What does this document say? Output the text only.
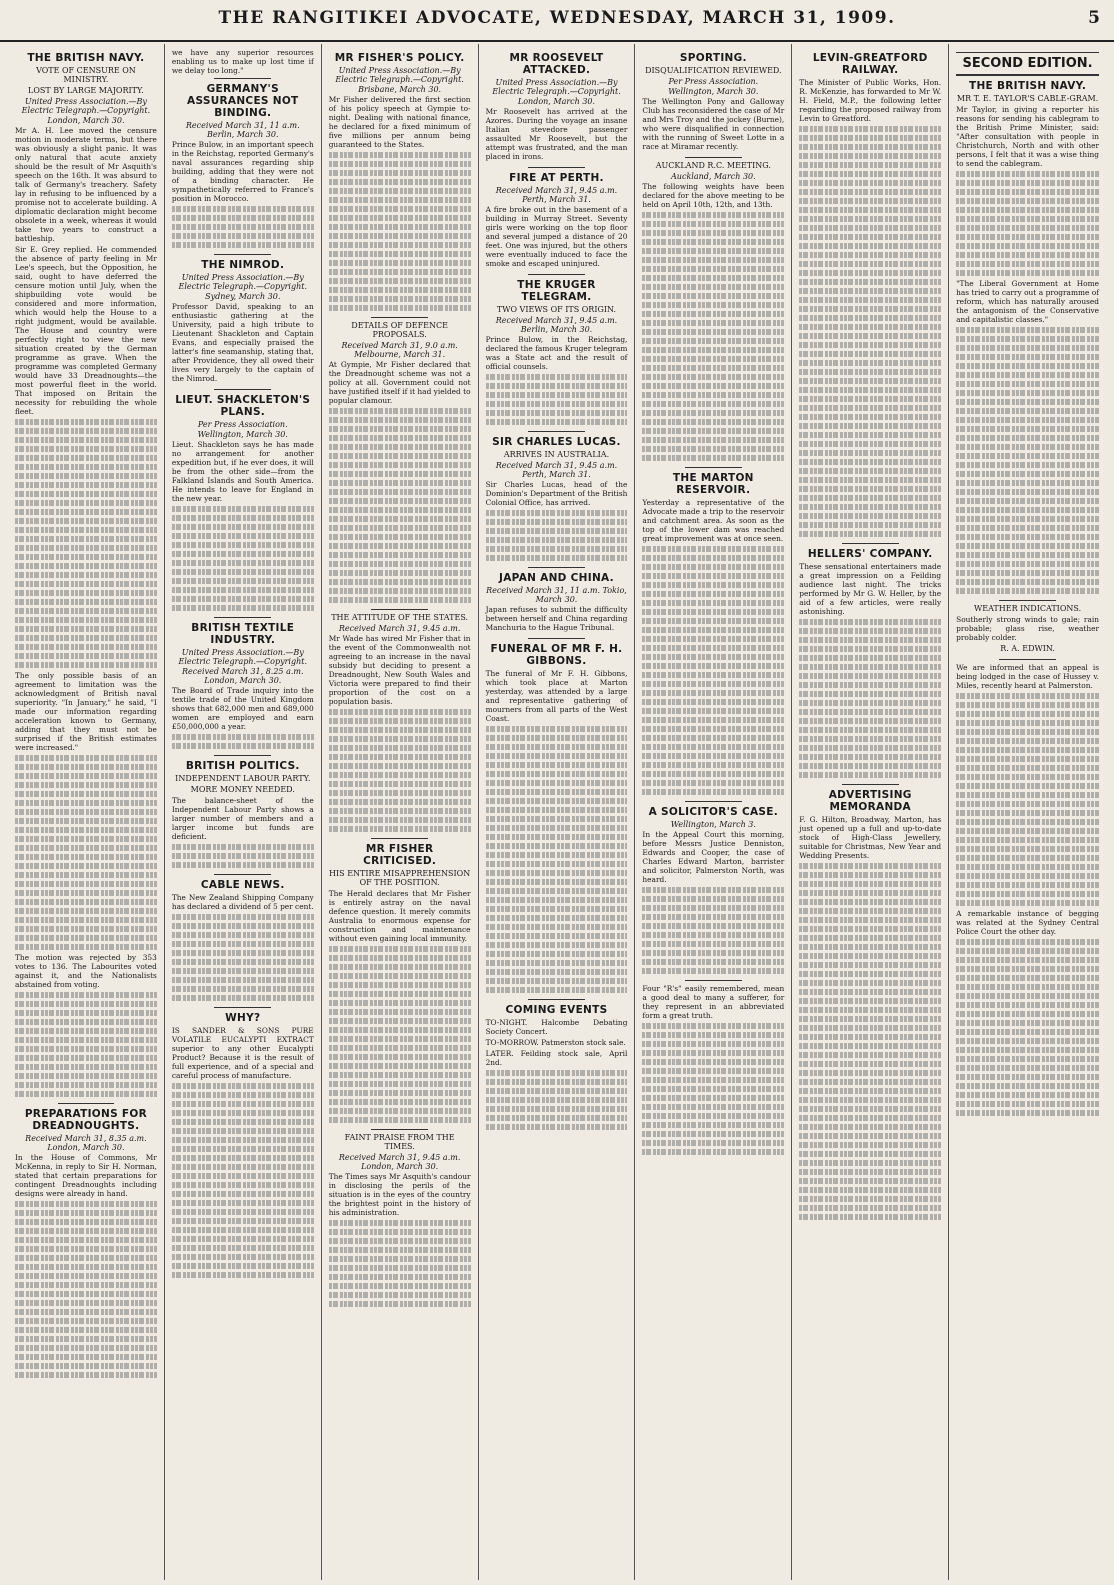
THE RANGITIKEI ADVOCATE, WEDNESDAY, MARCH 31, 1909.	5
THE BRITISH NAVY.
VOTE OF CENSURE ON MINISTRY.
LOST BY LARGE MAJORITY.
United Press Association.—By Electric Telegraph.—Copyright.
London, March 30.

Mr A. H. Lee moved the censure motion in moderate terms, but there was obviously a slight panic. It was only natural that acute anxiety should be the result of Mr Asquith's speech on the 16th. It was absurd to talk of Germany's treachery. Safety lay in refusing to be influenced by a promise not to accelerate building. A diplomatic declaration might become obsolete in a week, whereas it would take two years to construct a battleship.

Sir E. Grey replied. He commended the absence of party feeling in Mr Lee's speech, but the Opposition, he said, ought to have deferred the censure motion until July, when the shipbuilding vote would be considered and more information, which would help the House to a right judgment, would be available. The House and country were perfectly right to view the new situation created by the German programme as grave. When the programme was completed Germany would have 33 Dreadnoughts—the most powerful fleet in the world. That imposed on Britain the necessity for rebuilding the whole fleet.

The only possible basis of an agreement to limitation was the acknowledgment of British naval superiority. "In January," he said, "I made our information regarding acceleration known to Germany, adding that they must not be surprised if the British estimates were increased."

The motion was rejected by 353 votes to 136. The Labourites voted against it, and the Nationalists abstained from voting.

PREPARATIONS FOR DREADNOUGHTS.
Received March 31, 8.35 a.m. London, March 30.

In the House of Commons, Mr McKenna, in reply to Sir H. Norman, stated that certain preparations for contingent Dreadnoughts including designs were already in hand.

we have any superior resources enabling us to make up lost time if we delay too long."

GERMANY'S ASSURANCES NOT BINDING.
Received March 31, 11 a.m. Berlin, March 30.

Prince Bulow, in an important speech in the Reichstag, reported Germany's naval assurances regarding ship building, adding that they were not of a binding character. He sympathetically referred to France's position in Morocco.

THE NIMROD.
United Press Association.—By Electric Telegraph.—Copyright.
Sydney, March 30.

Professor David, speaking to an enthusiastic gathering at the University, paid a high tribute to Lieutenant Shackleton and Captain Evans, and especially praised the latter's fine seamanship, stating that, after Providence, they all owed their lives very largely to the captain of the Nimrod.

LIEUT. SHACKLETON'S PLANS.
Per Press Association.
Wellington, March 30.

Lieut. Shackleton says he has made no arrangement for another expedition but, if he ever does, it will be from the other side—from the Falkland Islands and South America. He intends to leave for England in the new year.

BRITISH TEXTILE INDUSTRY.
United Press Association.—By Electric Telegraph.—Copyright.
Received March 31, 8.25 a.m. London, March 30.

The Board of Trade inquiry into the textile trade of the United Kingdom shows that 682,000 men and 689,000 women are employed and earn £50,000,000 a year.

BRITISH POLITICS.
INDEPENDENT LABOUR PARTY.
MORE MONEY NEEDED.

The balance-sheet of the Independent Labour Party shows a larger number of members and a larger income but funds are deficient.

CABLE NEWS.

The New Zealand Shipping Company has declared a dividend of 5 per cent.

WHY?

IS SANDER & SONS PURE VOLATILE EUCALYPTI EXTRACT superior to any other Eucalypti Product? Because it is the result of full experience, and of a special and careful process of manufacture.

MR FISHER'S POLICY.
United Press Association.—By Electric Telegraph.—Copyright.
Brisbane, March 30.

Mr Fisher delivered the first section of his policy speech at Gympie to-night. Dealing with national finance, he declared for a fixed minimum of five millions per annum being guaranteed to the States.

DETAILS OF DEFENCE PROPOSALS.
Received March 31, 9.0 a.m. Melbourne, March 31.

At Gympie, Mr Fisher declared that the Dreadnought scheme was not a policy at all. Government could not have justified itself if it had yielded to popular clamour.

THE ATTITUDE OF THE STATES.
Received March 31, 9.45 a.m.

Mr Wade has wired Mr Fisher that in the event of the Commonwealth not agreeing to an increase in the naval subsidy but deciding to present a Dreadnought, New South Wales and Victoria were prepared to find their proportion of the cost on a population basis.

MR FISHER CRITICISED.
HIS ENTIRE MISAPPREHENSION OF THE POSITION.

The Herald declares that Mr Fisher is entirely astray on the naval defence question. It merely commits Australia to enormous expense for construction and maintenance without even gaining local immunity.

FAINT PRAISE FROM THE TIMES.
Received March 31, 9.45 a.m. London, March 30.

The Times says Mr Asquith's candour in disclosing the perils of the situation is in the eyes of the country the brightest point in the history of his administration.

MR ROOSEVELT ATTACKED.
United Press Association.—By Electric Telegraph.—Copyright.
London, March 30.

Mr Roosevelt has arrived at the Azores. During the voyage an insane Italian stevedore passenger assaulted Mr Roosevelt, but the attempt was frustrated, and the man placed in irons.

FIRE AT PERTH.
Received March 31, 9.45 a.m. Perth, March 31.

A fire broke out in the basement of a building in Murray Street. Seventy girls were working on the top floor and several jumped a distance of 20 feet. One was injured, but the others were eventually induced to face the smoke and escaped uninjured.

THE KRUGER TELEGRAM.
TWO VIEWS OF ITS ORIGIN.
Received March 31, 9.45 a.m. Berlin, March 30.

Prince Bulow, in the Reichstag, declared the famous Kruger telegram was a State act and the result of official counsels.

SIR CHARLES LUCAS.
ARRIVES IN AUSTRALIA.
Received March 31, 9.45 a.m. Perth, March 31.

Sir Charles Lucas, head of the Dominion's Department of the British Colonial Office, has arrived.

JAPAN AND CHINA.
Received March 31, 11 a.m. Tokio, March 30.

Japan refuses to submit the difficulty between herself and China regarding Manchuria to the Hague Tribunal.

FUNERAL OF MR F. H. GIBBONS.

The funeral of Mr F. H. Gibbons, which took place at Marton yesterday, was attended by a large and representative gathering of mourners from all parts of the West Coast.

COMING EVENTS

TO-NIGHT. Halcombe Debating Society Concert.

TO-MORROW. Patmerston stock sale.

LATER. Feilding stock sale, April 2nd.

SPORTING.
DISQUALIFICATION REVIEWED.
Per Press Association.
Wellington, March 30.

The Wellington Pony and Galloway Club has reconsidered the case of Mr and Mrs Troy and the jockey (Burne), who were disqualified in connection with the running of Sweet Lotte in a race at Miramar recently.

AUCKLAND R.C. MEETING.
Auckland, March 30.

The following weights have been declared for the above meeting to be held on April 10th, 12th, and 13th.

THE MARTON RESERVOIR.

Yesterday a representative of the Advocate made a trip to the reservoir and catchment area. As soon as the top of the lower dam was reached great improvement was at once seen.

A SOLICITOR'S CASE.
Wellington, March 3.

In the Appeal Court this morning, before Messrs Justice Denniston, Edwards and Cooper, the case of Charles Edward Marton, barrister and solicitor, Palmerston North, was heard.

Four "R's" easily remembered, mean a good deal to many a sufferer, for they represent in an abbreviated form a great truth.

LEVIN-GREATFORD RAILWAY.

The Minister of Public Works, Hon. R. McKenzie, has forwarded to Mr W. H. Field, M.P., the following letter regarding the proposed railway from Levin to Greatford.

HELLERS' COMPANY.

These sensational entertainers made a great impression on a Feilding audience last night. The tricks performed by Mr G. W. Heller, by the aid of a few articles, were really astonishing.

ADVERTISING MEMORANDA

F. G. Hilton, Broadway, Marton, has just opened up a full and up-to-date stock of High-Class Jewellery, suitable for Christmas, New Year and Wedding Presents.

SECOND EDITION.
THE BRITISH NAVY.
MR T. E. TAYLOR'S CABLE-GRAM.

Mr Taylor, in giving a reporter his reasons for sending his cablegram to the British Prime Minister, said: "After consultation with people in Christchurch, North and with other persons, I felt that it was a wise thing to send the cablegram.

"The Liberal Government at Home has tried to carry out a programme of reform, which has naturally aroused the antagonism of the Conservative and capitalistic classes."

WEATHER INDICATIONS.

Southerly strong winds to gale; rain probable; glass rise, weather probably colder.

R. A. EDWIN.

We are informed that an appeal is being lodged in the case of Hussey v. Miles, recently heard at Palmerston.

A remarkable instance of begging was related at the Sydney Central Police Court the other day.
